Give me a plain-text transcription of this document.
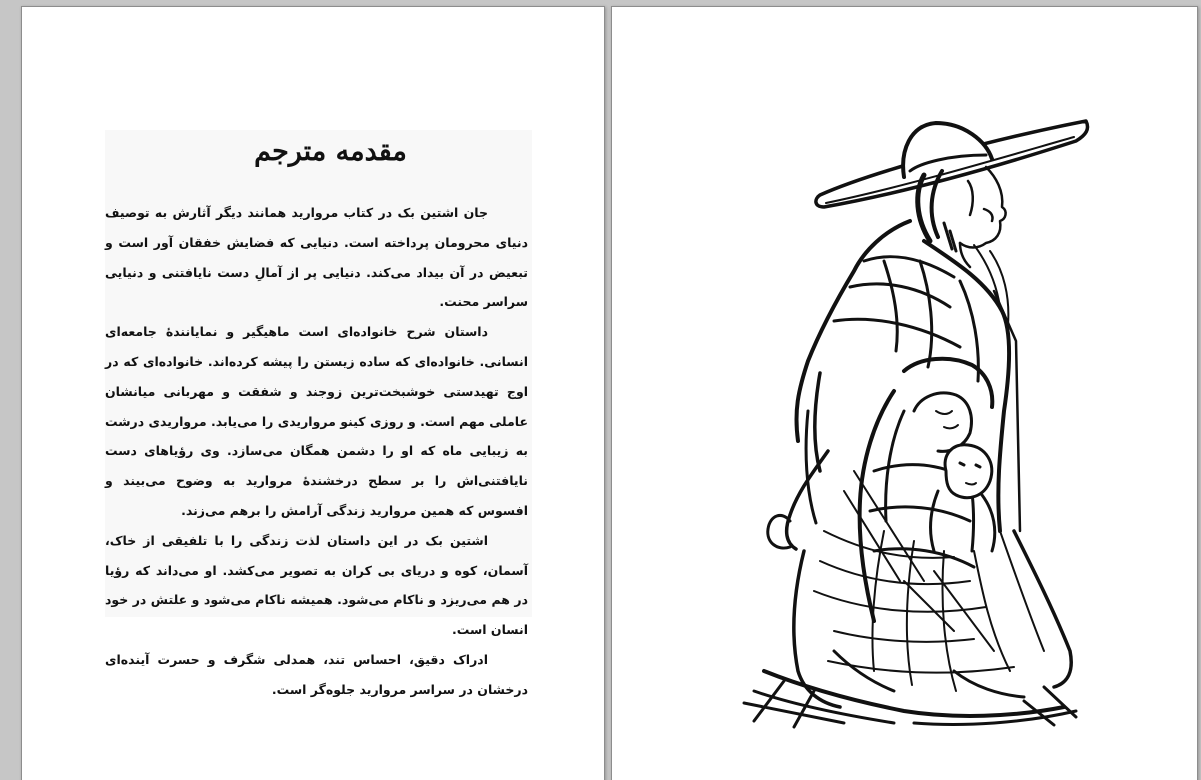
مقدمه مترجم

جان اشتین بک در کتاب مروارید همانند دیگر آثارش به توصیف دنیای محرومان پرداخته است. دنیایی که فضایش خفقان آور است و تبعیض در آن بیداد می‌کند. دنیایی پر از آمالِ دست نایافتنی و دنیایی سراسر محنت.

داستان شرح خانواده‌ای است ماهیگیر و نمایانندهٔ جامعه‌ای انسانی. خانواده‌ای که ساده زیستن را پیشه کرده‌اند. خانواده‌ای که در اوج تهیدستی خوشبخت‌ترین زوجند و شفقت و مهربانی میانشان عاملی مهم است. و روزی کینو مرواریدی را می‌یابد. مرواریدی درشت به زیبایی ماه که او را دشمن همگان می‌سازد. وی رؤیاهای دست نایافتنی‌اش را بر سطح درخشندهٔ مروارید به وضوح می‌بیند و افسوس که همین مروارید زندگی آرامش را برهم می‌زند.

اشتین بک در این داستان لذت زندگی را با تلفیقی از خاک، آسمان، کوه و دریای بی کران به تصویر می‌کشد. او می‌داند که رؤیا در هم می‌ریزد و ناکام می‌شود. همیشه ناکام می‌شود و علتش در خود انسان است.

ادراک دقیق، احساس تند، همدلی شگرف و حسرت آینده‌ای درخشان در سراسر مروارید جلوه‌گر است.
